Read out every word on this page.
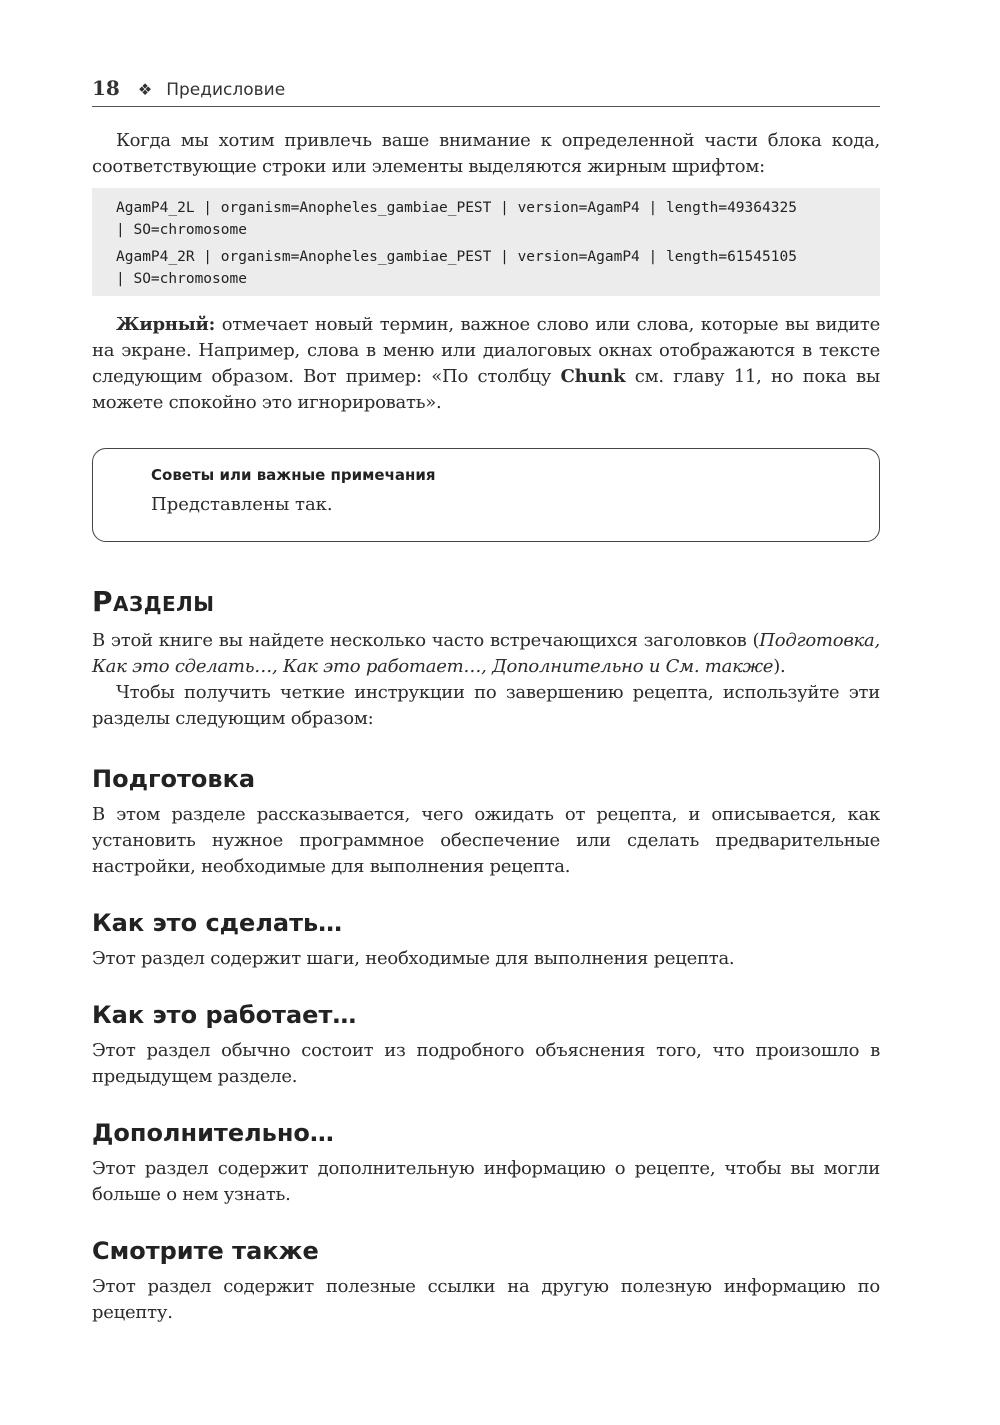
18 ❖ Предисловие

Когда мы хотим привлечь ваше внимание к определенной части блока кода, соответствующие строки или элементы выделяются жирным шрифтом:

AgamP4_2L | organism=Anopheles_gambiae_PEST | version=AgamP4 | length=49364325
| SO=chromosome
AgamP4_2R | organism=Anopheles_gambiae_PEST | version=AgamP4 | length=61545105
| SO=chromosome

Жирный: отмечает новый термин, важное слово или слова, которые вы видите на экране. Например, слова в меню или диалоговых окнах отображаются в тексте следующим образом. Вот пример: «По столбцу Chunk см. главу 11, но пока вы можете спокойно это игнорировать».

Советы или важные примечания
Представлены так.
Разделы

В этой книге вы найдете несколько часто встречающихся заголовков (Подготовка, Как это сделать…, Как это работает…, Дополнительно и См. также).

Чтобы получить четкие инструкции по завершению рецепта, используйте эти разделы следующим образом:

Подготовка

В этом разделе рассказывается, чего ожидать от рецепта, и описывается, как установить нужное программное обеспечение или сделать предварительные настройки, необходимые для выполнения рецепта.

Как это сделать…

Этот раздел содержит шаги, необходимые для выполнения рецепта.

Как это работает…

Этот раздел обычно состоит из подробного объяснения того, что произошло в предыдущем разделе.

Дополнительно…

Этот раздел содержит дополнительную информацию о рецепте, чтобы вы могли больше о нем узнать.

Смотрите также

Этот раздел содержит полезные ссылки на другую полезную информацию по рецепту.
